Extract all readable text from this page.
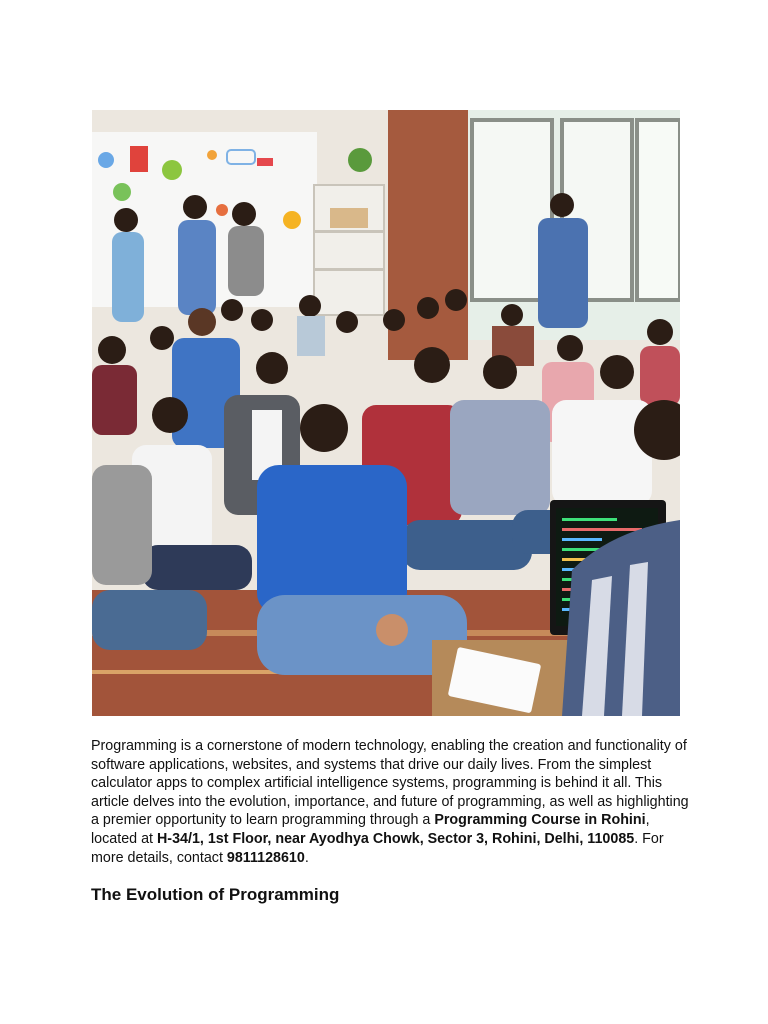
Programming is a cornerstone of modern technology, enabling the creation and functionality of software applications, websites, and systems that drive our daily lives. From the simplest calculator apps to complex artificial intelligence systems, programming is behind it all. This article delves into the evolution, importance, and future of programming, as well as highlighting a premier opportunity to learn programming through a Programming Course in Rohini, located at H-34/1, 1st Floor, near Ayodhya Chowk, Sector 3, Rohini, Delhi, 110085. For more details, contact 9811128610.

The Evolution of Programming
